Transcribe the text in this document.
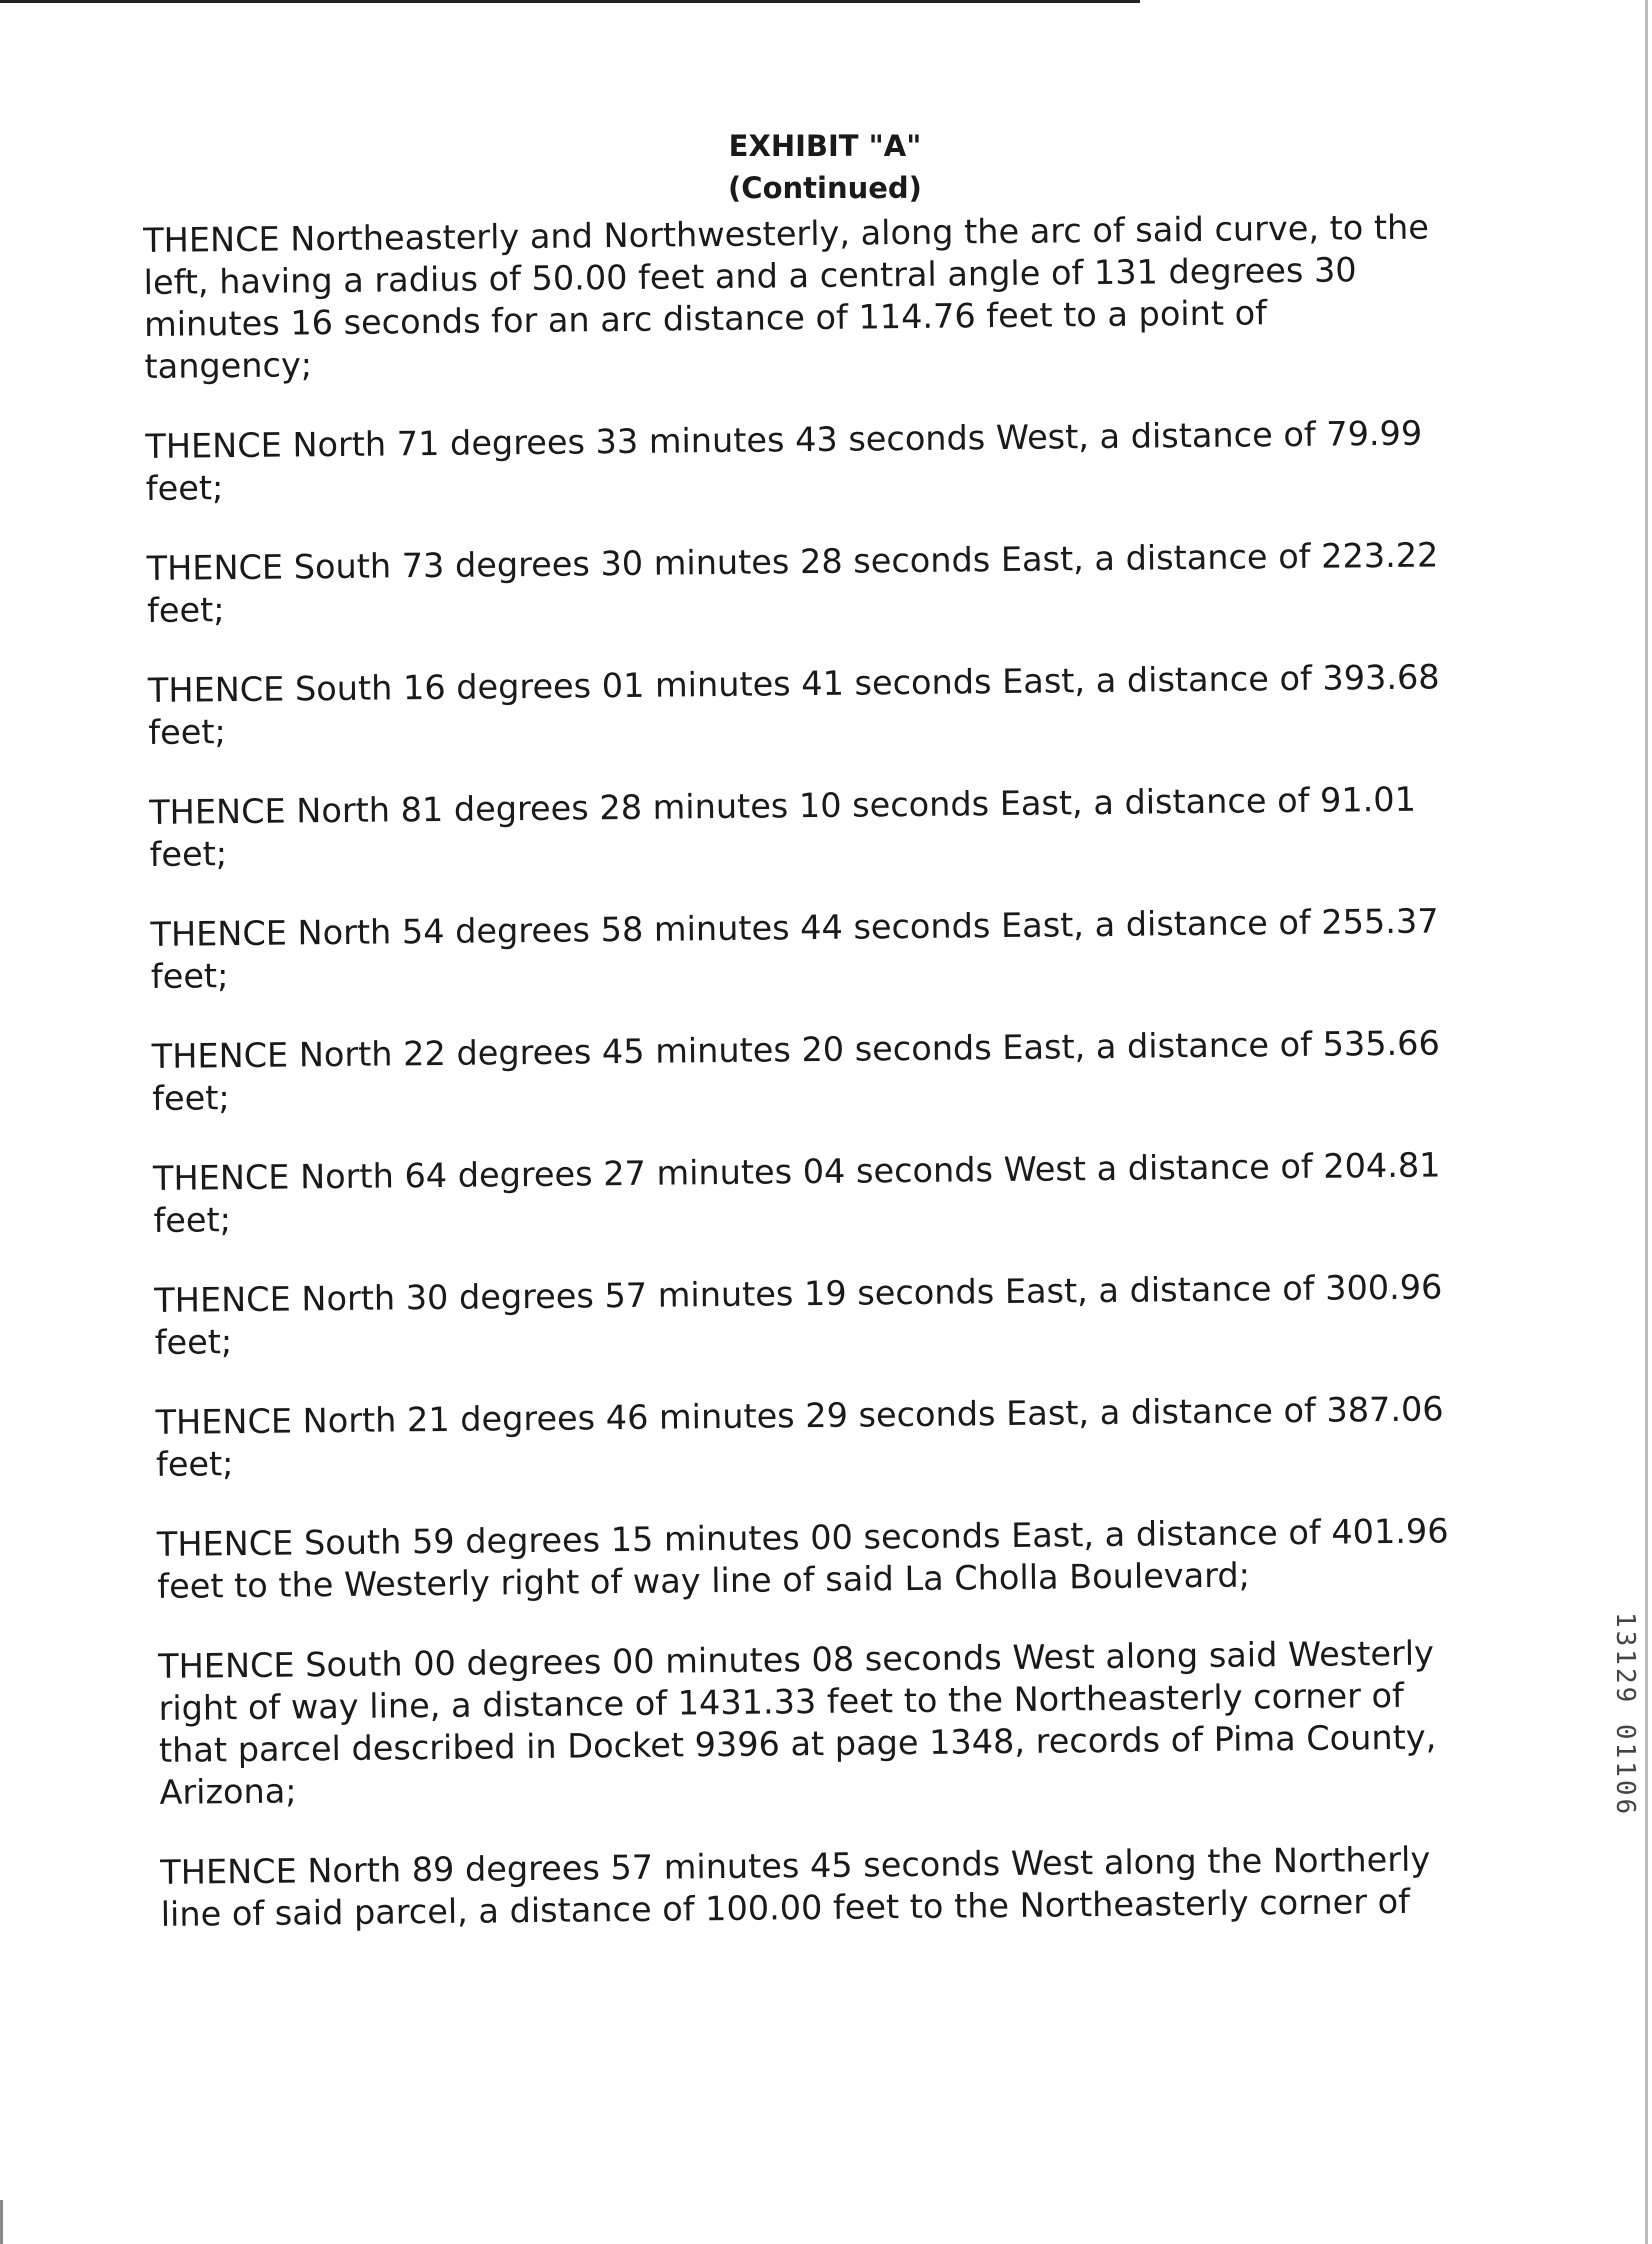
EXHIBIT "A"
(Continued)
THENCE Northeasterly and Northwesterly, along the arc of said curve, to the
left, having a radius of 50.00 feet and a central angle of 131 degrees 30
minutes 16 seconds for an arc distance of 114.76 feet to a point of
tangency;
THENCE North 71 degrees 33 minutes 43 seconds West, a distance of 79.99
feet;
THENCE South 73 degrees 30 minutes 28 seconds East, a distance of 223.22
feet;
THENCE South 16 degrees 01 minutes 41 seconds East, a distance of 393.68
feet;
THENCE North 81 degrees 28 minutes 10 seconds East, a distance of 91.01
feet;
THENCE North 54 degrees 58 minutes 44 seconds East, a distance of 255.37
feet;
THENCE North 22 degrees 45 minutes 20 seconds East, a distance of 535.66
feet;
THENCE North 64 degrees 27 minutes 04 seconds West a distance of 204.81
feet;
THENCE North 30 degrees 57 minutes 19 seconds East, a distance of 300.96
feet;
THENCE North 21 degrees 46 minutes 29 seconds East, a distance of 387.06
feet;
THENCE South 59 degrees 15 minutes 00 seconds East, a distance of 401.96
feet to the Westerly right of way line of said La Cholla Boulevard;
THENCE South 00 degrees 00 minutes 08 seconds West along said Westerly
right of way line, a distance of 1431.33 feet to the Northeasterly corner of
that parcel described in Docket 9396 at page 1348, records of Pima County,
Arizona;
THENCE North 89 degrees 57 minutes 45 seconds West along the Northerly
line of said parcel, a distance of 100.00 feet to the Northeasterly corner of
13129 01106
